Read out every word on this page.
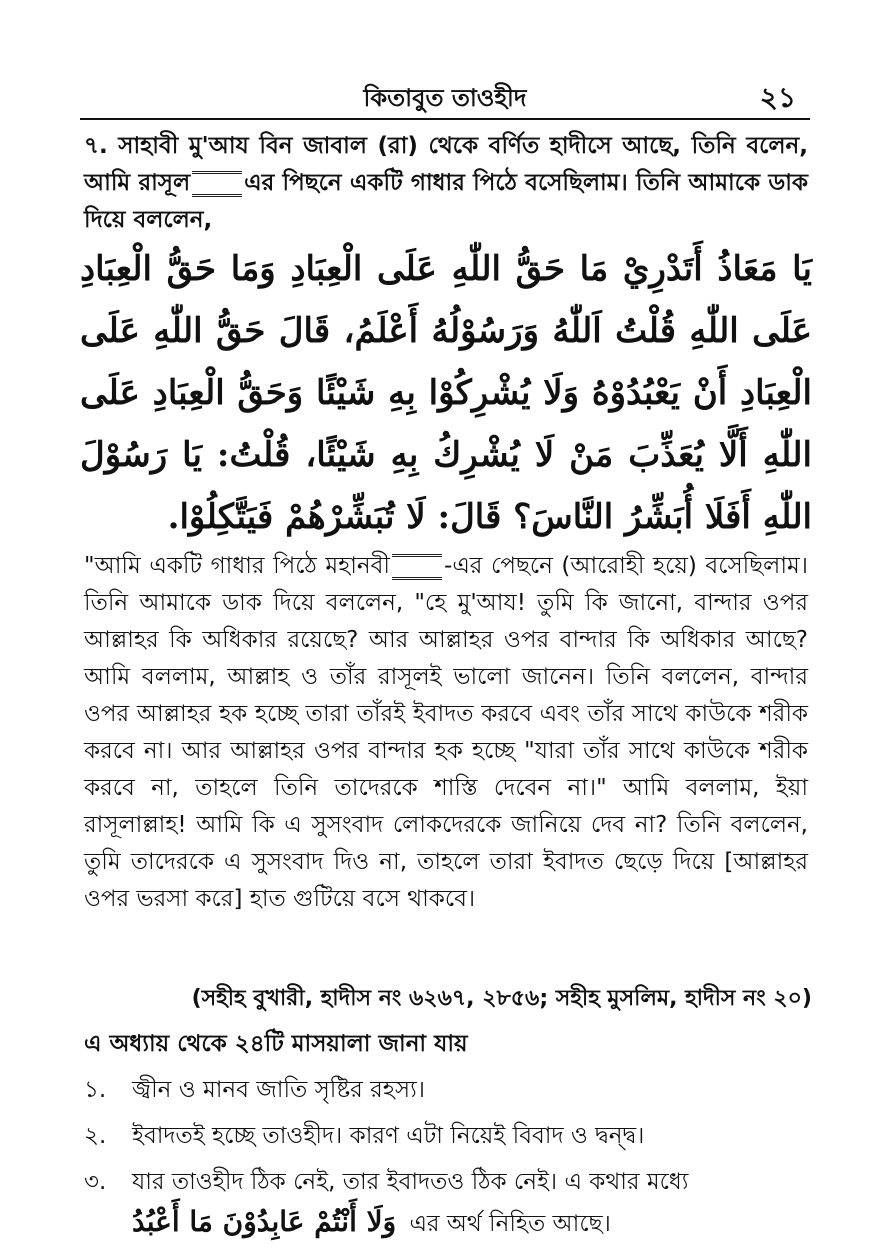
কিতাবুত তাওহীদ	২১

৭. সাহাবী মু'আয বিন জাবাল (রা) থেকে বর্ণিত হাদীসে আছে, তিনি বলেন, আমি রাসূল এর পিছনে একটি গাধার পিঠে বসেছিলাম। তিনি আমাকে ডাক দিয়ে বললেন,

يَا مَعَاذُ أَتَدْرِيْ مَا حَقُّ اللّٰهِ عَلَى الْعِبَادِ وَمَا حَقُّ الْعِبَادِ عَلَى اللّٰهِ قُلْتُ اَللّٰهُ وَرَسُوْلُهُ أَعْلَمُ، قَالَ حَقُّ اللّٰهِ عَلَى الْعِبَادِ أَنْ يَعْبُدُوْهُ وَلَا يُشْرِكُوْا بِهِ شَيْئًا وَحَقُّ الْعِبَادِ عَلَى اللّٰهِ أَلَّا يُعَذِّبَ مَنْ لَا يُشْرِكُ بِهِ شَيْئًا، قُلْتُ: يَا رَسُوْلَ اللّٰهِ أَفَلَا أُبَشِّرُ النَّاسَ؟ قَالَ: لَا تُبَشِّرْهُمْ فَيَتَّكِلُوْا.

"আমি একটি গাধার পিঠে মহানবী -এর পেছনে (আরোহী হয়ে) বসেছিলাম। তিনি আমাকে ডাক দিয়ে বললেন, "হে মু'আয! তুমি কি জানো, বান্দার ওপর আল্লাহর কি অধিকার রয়েছে? আর আল্লাহর ওপর বান্দার কি অধিকার আছে? আমি বললাম, আল্লাহ ও তাঁর রাসূলই ভালো জানেন। তিনি বললেন, বান্দার ওপর আল্লাহর হক হচ্ছে তারা তাঁরই ইবাদত করবে এবং তাঁর সাথে কাউকে শরীক করবে না। আর আল্লাহর ওপর বান্দার হক হচ্ছে "যারা তাঁর সাথে কাউকে শরীক করবে না, তাহলে তিনি তাদেরকে শাস্তি দেবেন না।" আমি বললাম, ইয়া রাসূলাল্লাহ! আমি কি এ সুসংবাদ লোকদেরকে জানিয়ে দেব না? তিনি বললেন, তুমি তাদেরকে এ সুসংবাদ দিও না, তাহলে তারা ইবাদত ছেড়ে দিয়ে [আল্লাহর ওপর ভরসা করে] হাত গুটিয়ে বসে থাকবে।

(সহীহ বুখারী, হাদীস নং ৬২৬৭, ২৮৫৬; সহীহ মুসলিম, হাদীস নং ২০)
এ অধ্যায় থেকে ২৪টি মাসয়ালা জানা যায়
১. জ্বীন ও মানব জাতি সৃষ্টির রহস্য।
২. ইবাদতই হচ্ছে তাওহীদ। কারণ এটা নিয়েই বিবাদ ও দ্বন্দ্ব।
৩. যার তাওহীদ ঠিক নেই, তার ইবাদতও ঠিক নেই। এ কথার মধ্যে
وَلَا أَنْتُمْ عَابِدُوْنَ مَا أَعْبُدُ এর অর্থ নিহিত আছে।
